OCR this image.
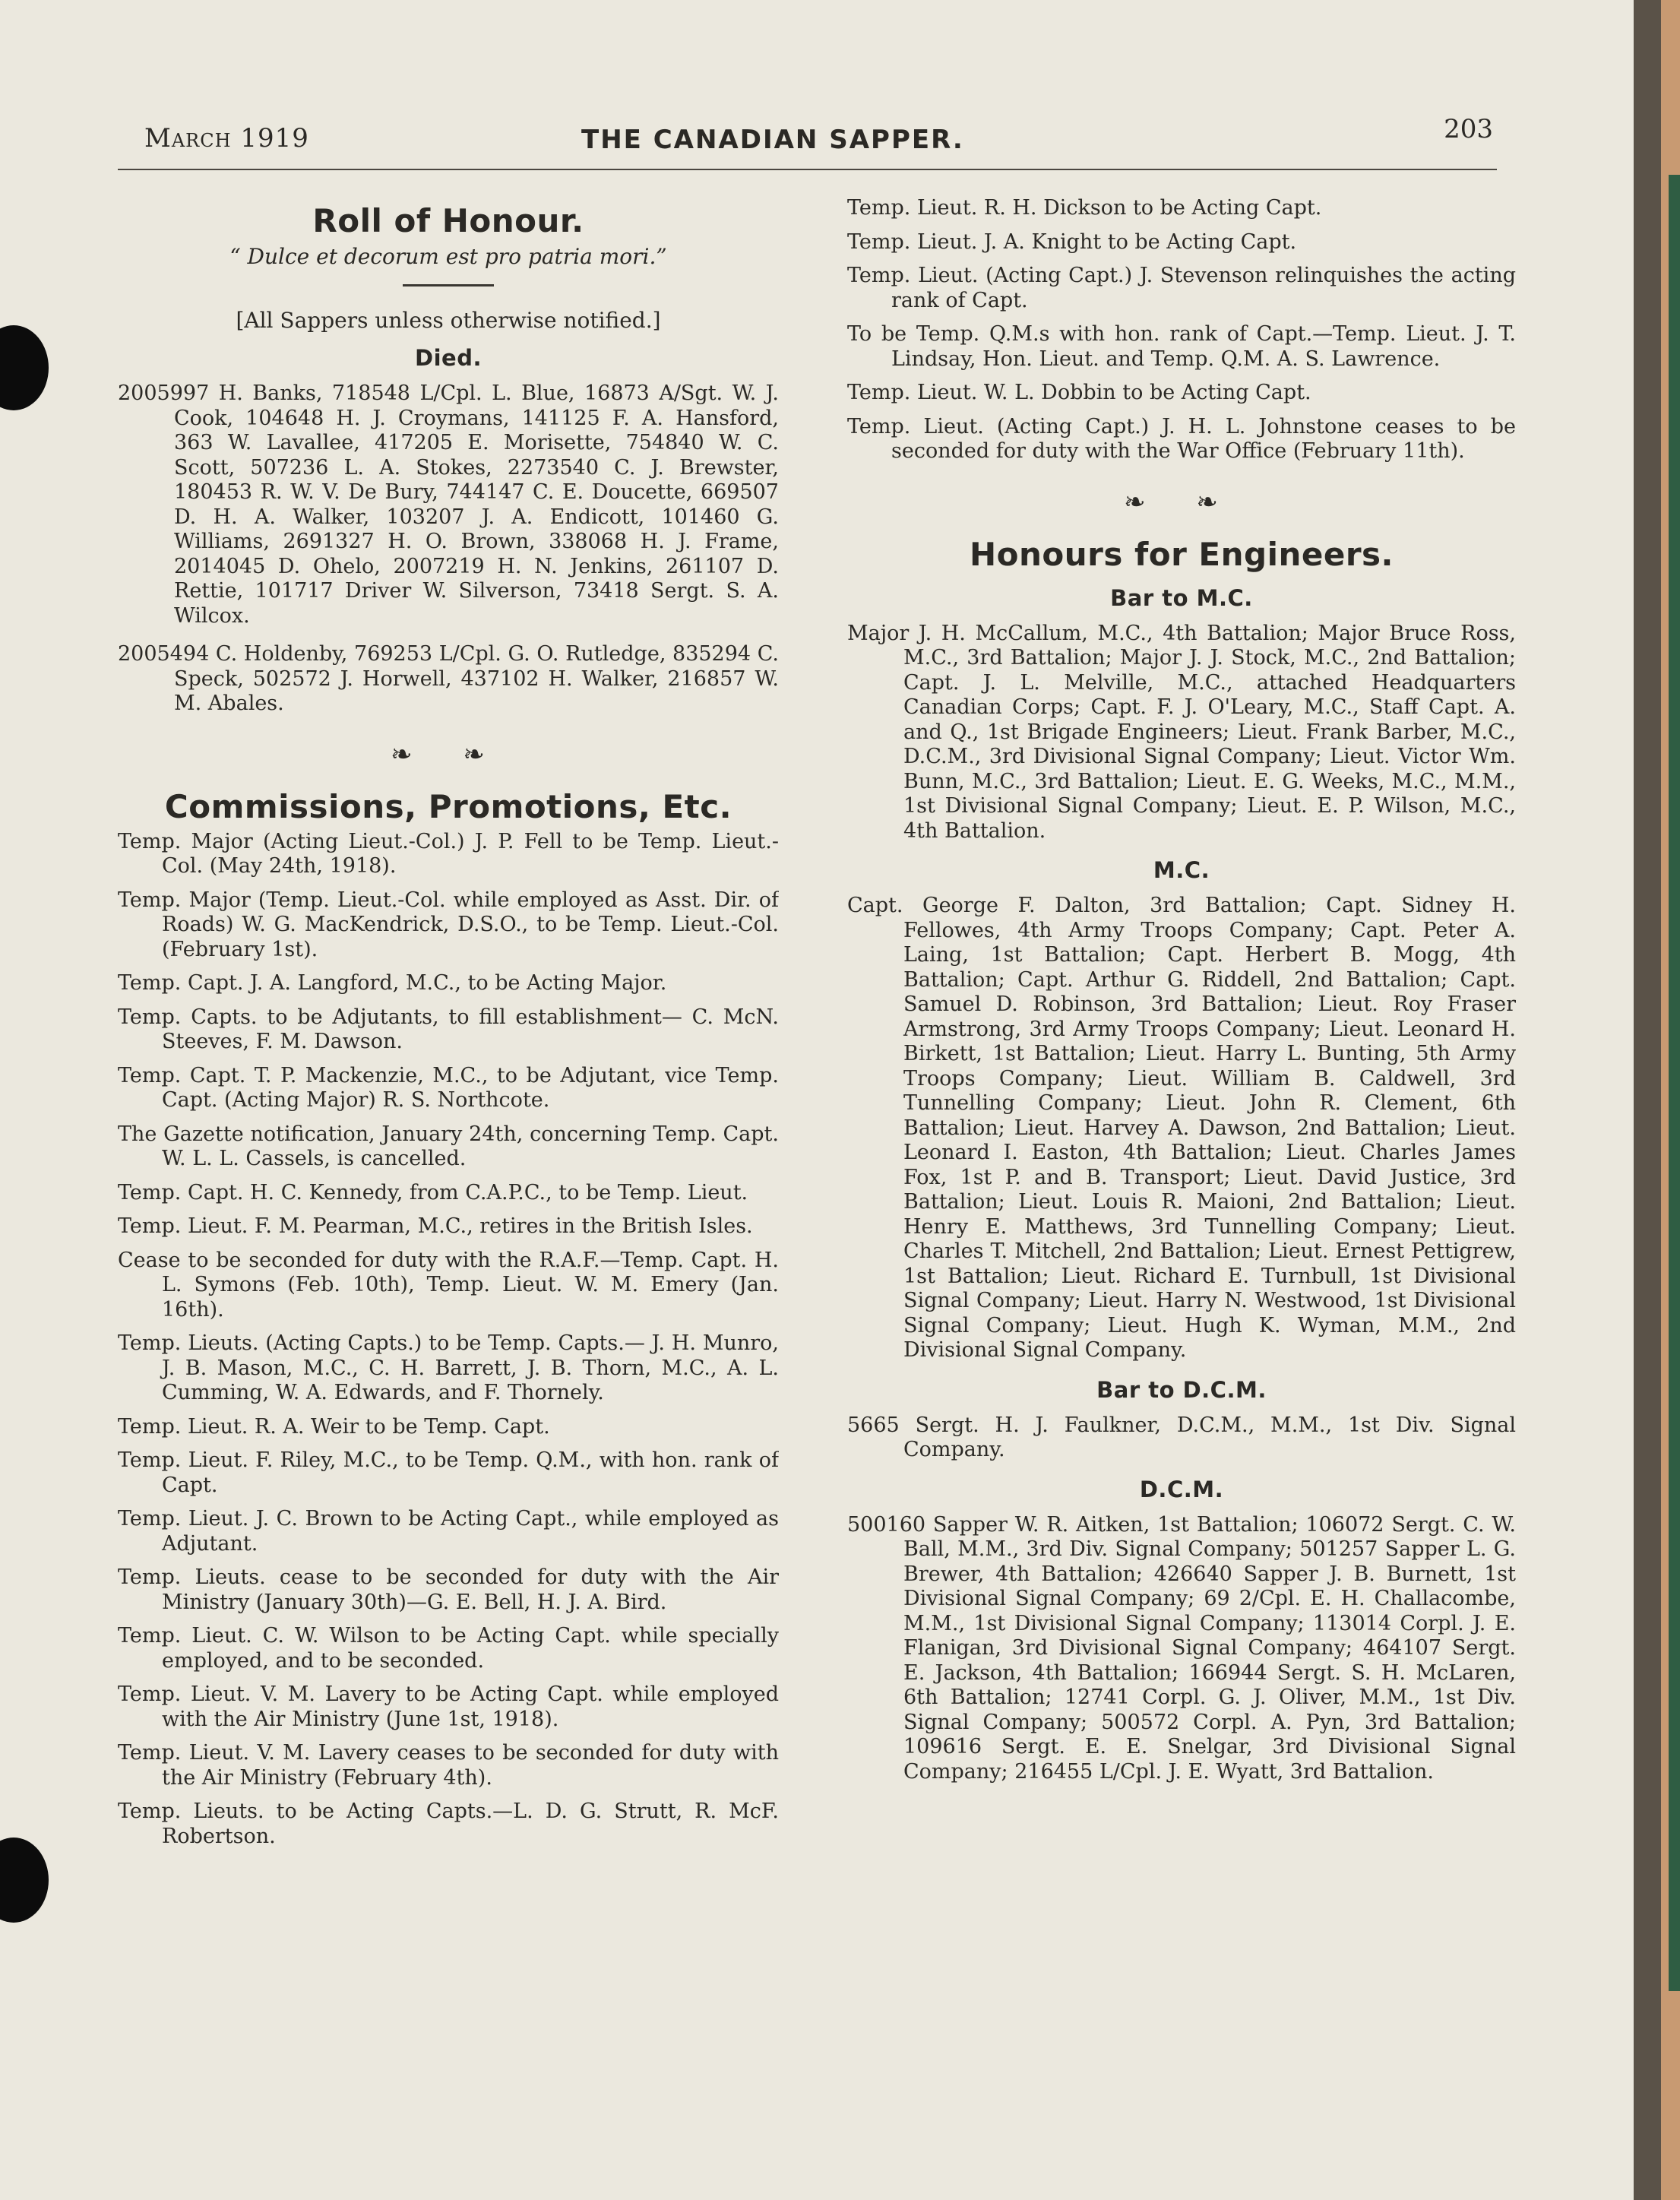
March 1919	THE CANADIAN SAPPER.	203
Roll of Honour.
“ Dulce et decorum est pro patria mori.”
[All Sappers unless otherwise notified.]
Died.
2005997 H. Banks, 718548 L/Cpl. L. Blue, 16873 A/Sgt. W. J. Cook, 104648 H. J. Croymans, 141125 F. A. Hansford, 363 W. Lavallee, 417205 E. Morisette, 754840 W. C. Scott, 507236 L. A. Stokes, 2273540 C. J. Brewster, 180453 R. W. V. De Bury, 744147 C. E. Doucette, 669507 D. H. A. Walker, 103207 J. A. Endicott, 101460 G. Williams, 2691327 H. O. Brown, 338068 H. J. Frame, 2014045 D. Ohelo, 2007219 H. N. Jenkins, 261107 D. Rettie, 101717 Driver W. Silverson, 73418 Sergt. S. A. Wilcox.
2005494 C. Holdenby, 769253 L/Cpl. G. O. Rutledge, 835294 C. Speck, 502572 J. Horwell, 437102 H. Walker, 216857 W. M. Abales.
❧ ❧
Commissions, Promotions, Etc.
Temp. Major (Acting Lieut.-Col.) J. P. Fell to be Temp. Lieut.-Col. (May 24th, 1918).
Temp. Major (Temp. Lieut.-Col. while employed as Asst. Dir. of Roads) W. G. MacKendrick, D.S.O., to be Temp. Lieut.-Col. (February 1st).
Temp. Capt. J. A. Langford, M.C., to be Acting Major.
Temp. Capts. to be Adjutants, to fill establishment— C. McN. Steeves, F. M. Dawson.
Temp. Capt. T. P. Mackenzie, M.C., to be Adjutant, vice Temp. Capt. (Acting Major) R. S. Northcote.
The Gazette notification, January 24th, concerning Temp. Capt. W. L. L. Cassels, is cancelled.
Temp. Capt. H. C. Kennedy, from C.A.P.C., to be Temp. Lieut.
Temp. Lieut. F. M. Pearman, M.C., retires in the British Isles.
Cease to be seconded for duty with the R.A.F.—Temp. Capt. H. L. Symons (Feb. 10th), Temp. Lieut. W. M. Emery (Jan. 16th).
Temp. Lieuts. (Acting Capts.) to be Temp. Capts.— J. H. Munro, J. B. Mason, M.C., C. H. Barrett, J. B. Thorn, M.C., A. L. Cumming, W. A. Edwards, and F. Thornely.
Temp. Lieut. R. A. Weir to be Temp. Capt.
Temp. Lieut. F. Riley, M.C., to be Temp. Q.M., with hon. rank of Capt.
Temp. Lieut. J. C. Brown to be Acting Capt., while employed as Adjutant.
Temp. Lieuts. cease to be seconded for duty with the Air Ministry (January 30th)—G. E. Bell, H. J. A. Bird.
Temp. Lieut. C. W. Wilson to be Acting Capt. while specially employed, and to be seconded.
Temp. Lieut. V. M. Lavery to be Acting Capt. while employed with the Air Ministry (June 1st, 1918).
Temp. Lieut. V. M. Lavery ceases to be seconded for duty with the Air Ministry (February 4th).
Temp. Lieuts. to be Acting Capts.—L. D. G. Strutt, R. McF. Robertson.
Temp. Lieut. R. H. Dickson to be Acting Capt.
Temp. Lieut. J. A. Knight to be Acting Capt.
Temp. Lieut. (Acting Capt.) J. Stevenson relinquishes the acting rank of Capt.
To be Temp. Q.M.s with hon. rank of Capt.—Temp. Lieut. J. T. Lindsay, Hon. Lieut. and Temp. Q.M. A. S. Lawrence.
Temp. Lieut. W. L. Dobbin to be Acting Capt.
Temp. Lieut. (Acting Capt.) J. H. L. Johnstone ceases to be seconded for duty with the War Office (February 11th).
❧ ❧
Honours for Engineers.
Bar to M.C.
Major J. H. McCallum, M.C., 4th Battalion; Major Bruce Ross, M.C., 3rd Battalion; Major J. J. Stock, M.C., 2nd Battalion; Capt. J. L. Melville, M.C., attached Headquarters Canadian Corps; Capt. F. J. O'Leary, M.C., Staff Capt. A. and Q., 1st Brigade Engineers; Lieut. Frank Barber, M.C., D.C.M., 3rd Divisional Signal Company; Lieut. Victor Wm. Bunn, M.C., 3rd Battalion; Lieut. E. G. Weeks, M.C., M.M., 1st Divisional Signal Company; Lieut. E. P. Wilson, M.C., 4th Battalion.
M.C.
Capt. George F. Dalton, 3rd Battalion; Capt. Sidney H. Fellowes, 4th Army Troops Company; Capt. Peter A. Laing, 1st Battalion; Capt. Herbert B. Mogg, 4th Battalion; Capt. Arthur G. Riddell, 2nd Battalion; Capt. Samuel D. Robinson, 3rd Battalion; Lieut. Roy Fraser Armstrong, 3rd Army Troops Company; Lieut. Leonard H. Birkett, 1st Battalion; Lieut. Harry L. Bunting, 5th Army Troops Company; Lieut. William B. Caldwell, 3rd Tunnelling Company; Lieut. John R. Clement, 6th Battalion; Lieut. Harvey A. Dawson, 2nd Battalion; Lieut. Leonard I. Easton, 4th Battalion; Lieut. Charles James Fox, 1st P. and B. Transport; Lieut. David Justice, 3rd Battalion; Lieut. Louis R. Maioni, 2nd Battalion; Lieut. Henry E. Matthews, 3rd Tunnelling Company; Lieut. Charles T. Mitchell, 2nd Battalion; Lieut. Ernest Pettigrew, 1st Battalion; Lieut. Richard E. Turnbull, 1st Divisional Signal Company; Lieut. Harry N. Westwood, 1st Divisional Signal Company; Lieut. Hugh K. Wyman, M.M., 2nd Divisional Signal Company.
Bar to D.C.M.
5665 Sergt. H. J. Faulkner, D.C.M., M.M., 1st Div. Signal Company.
D.C.M.
500160 Sapper W. R. Aitken, 1st Battalion; 106072 Sergt. C. W. Ball, M.M., 3rd Div. Signal Company; 501257 Sapper L. G. Brewer, 4th Battalion; 426640 Sapper J. B. Burnett, 1st Divisional Signal Company; 69 2/Cpl. E. H. Challacombe, M.M., 1st Divisional Signal Company; 113014 Corpl. J. E. Flanigan, 3rd Divisional Signal Company; 464107 Sergt. E. Jackson, 4th Battalion; 166944 Sergt. S. H. McLaren, 6th Battalion; 12741 Corpl. G. J. Oliver, M.M., 1st Div. Signal Company; 500572 Corpl. A. Pyn, 3rd Battalion; 109616 Sergt. E. E. Snelgar, 3rd Divisional Signal Company; 216455 L/Cpl. J. E. Wyatt, 3rd Battalion.
